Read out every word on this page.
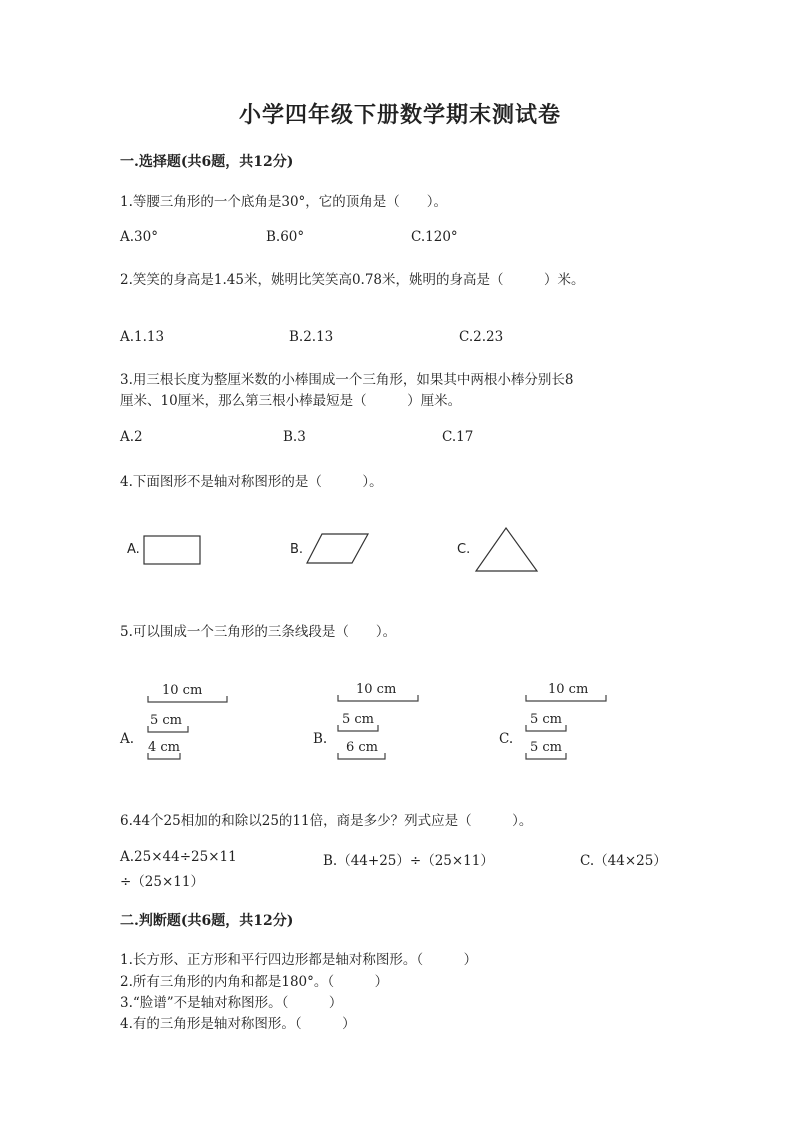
小学四年级下册数学期末测试卷
一.选择题(共6题，共12分)
1.等腰三角形的一个底角是30°，它的顶角是（　　）。
A.30°	B.60°	C.120°
2.笑笑的身高是1.45米，姚明比笑笑高0.78米，姚明的身高是（　　　）米。
A.1.13	B.2.13	C.2.23
3.用三根长度为整厘米数的小棒围成一个三角形，如果其中两根小棒分别长8
厘米、10厘米，那么第三根小棒最短是（　　　）厘米。
A.2	B.3	C.17
4.下面图形不是轴对称图形的是（　　　）。
A.	B.	C.
5.可以围成一个三角形的三条线段是（　　）。
A.
10 cm
5 cm
4 cm
B.
10 cm
5 cm
6 cm
C.
10 cm
5 cm
5 cm
6.44个25相加的和除以25的11倍，商是多少？列式应是（　　　）。
A.25×44÷25×11	B.（44+25）÷（25×11）	C.（44×25）
÷（25×11）
二.判断题(共6题，共12分)
1.长方形、正方形和平行四边形都是轴对称图形。（　　　）
2.所有三角形的内角和都是180°。（　　　）
3.“脸谱”不是轴对称图形。（　　　）
4.有的三角形是轴对称图形。（　　　）
